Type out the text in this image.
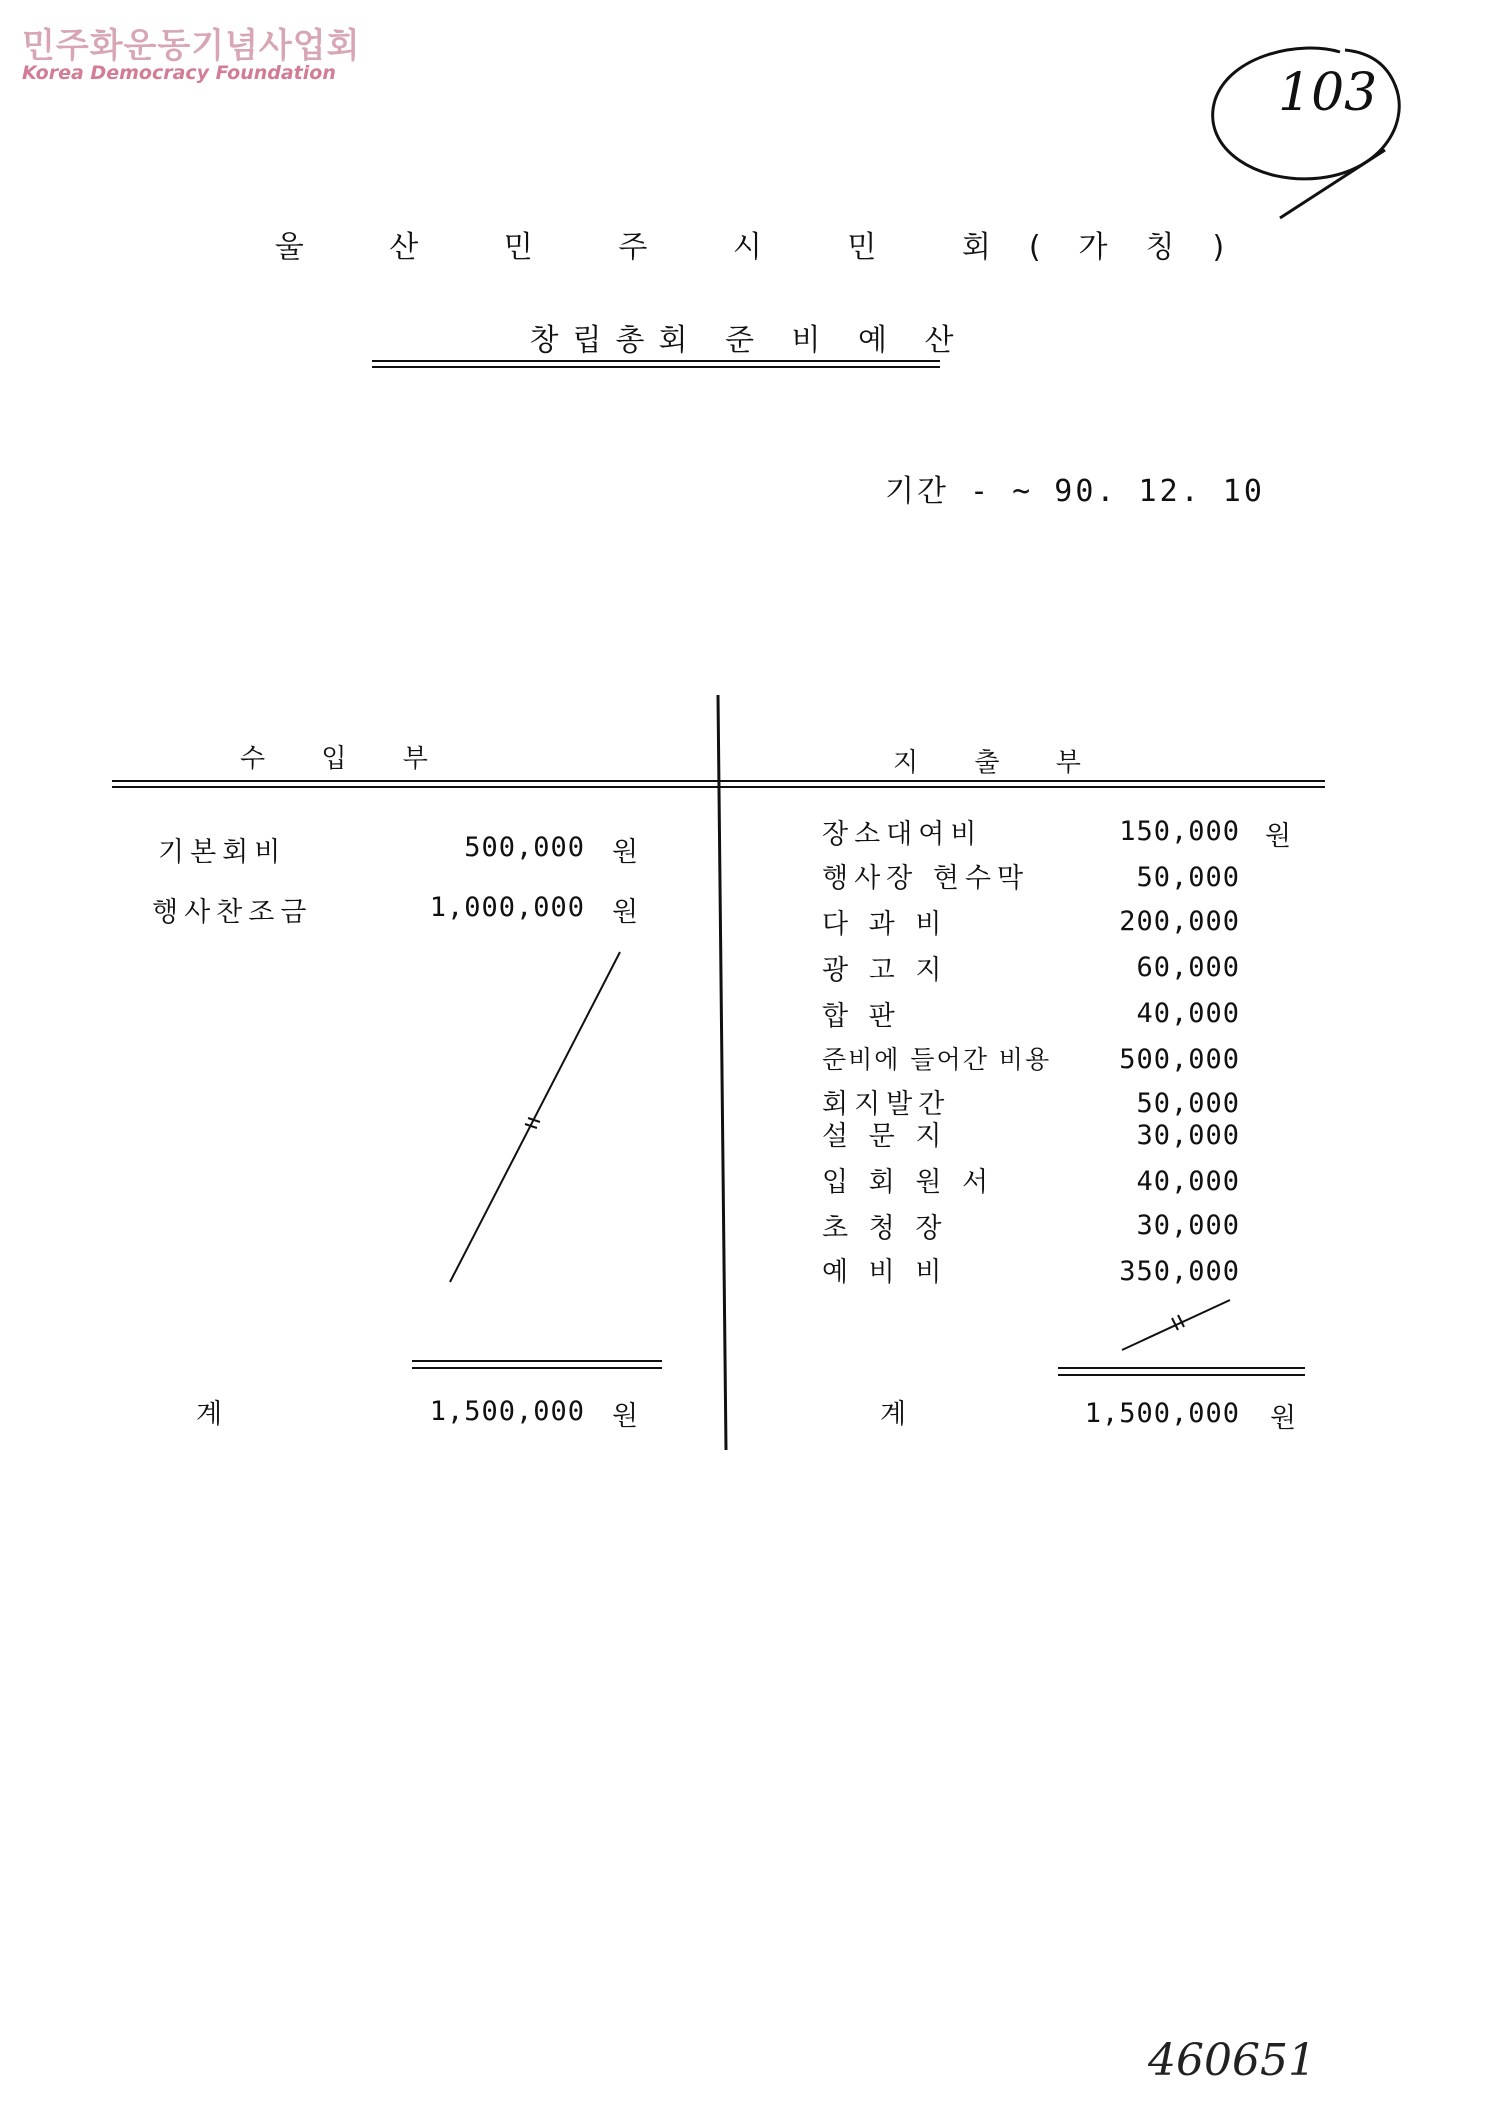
민주화운동기념사업회
Korea Democracy Foundation	103
울 산 민 주 시 민 회(가칭)
창립총회 준 비 예 산
기간 - ~ 90. 12. 10
수 입 부
기본회비	500,000 원
행사찬조금	1,000,000 원
계	1,500,000 원
지 출 부
장소대여비	150,000 원
행사장 현수막	50,000
다 과 비	200,000
광 고 지	60,000
합 판	40,000
준비에 들어간 비용	500,000
회지발간	50,000
설 문 지	30,000
입 회 원 서	40,000
초 청 장	30,000
예 비 비	350,000
계	1,500,000 원
460651
